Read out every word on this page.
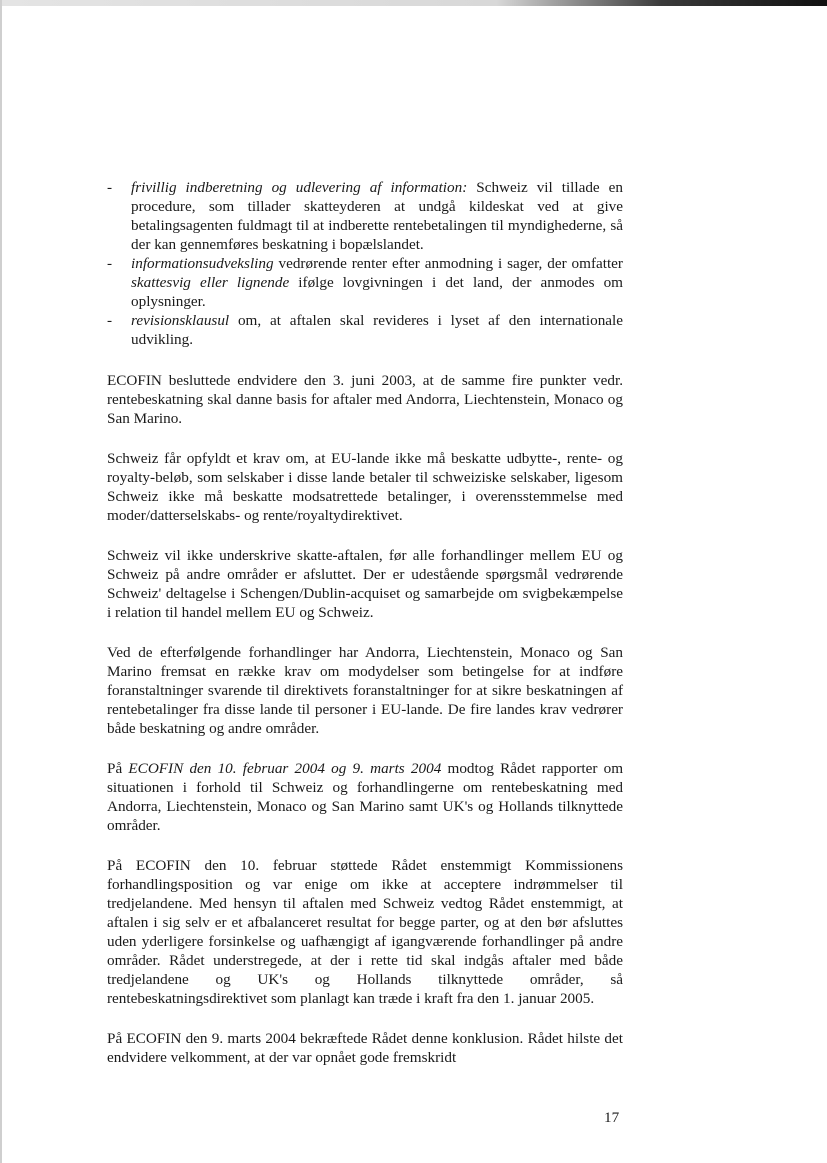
- frivillig indberetning og udlevering af information: Schweiz vil tillade en procedure, som tillader skatteyderen at undgå kildeskat ved at give betalingsagenten fuldmagt til at indberette rentebetalingen til myndighederne, så der kan gennemføres beskatning i bopælslandet.
- informationsudveksling vedrørende renter efter anmodning i sager, der omfatter skattesvig eller lignende ifølge lovgivningen i det land, der anmodes om oplysninger.
- revisionsklausul om, at aftalen skal revideres i lyset af den internationale udvikling.

ECOFIN besluttede endvidere den 3. juni 2003, at de samme fire punkter vedr. rentebeskatning skal danne basis for aftaler med Andorra, Liechtenstein, Monaco og San Marino.

Schweiz får opfyldt et krav om, at EU-lande ikke må beskatte udbytte-, rente- og royalty-beløb, som selskaber i disse lande betaler til schweiziske selskaber, ligesom Schweiz ikke må beskatte modsatrettede betalinger, i overensstemmelse med moder/datterselskabs- og rente/royaltydirektivet.

Schweiz vil ikke underskrive skatte-aftalen, før alle forhandlinger mellem EU og Schweiz på andre områder er afsluttet. Der er udestående spørgsmål vedrørende Schweiz' deltagelse i Schengen/Dublin-acquiset og samarbejde om svigbekæmpelse i relation til handel mellem EU og Schweiz.

Ved de efterfølgende forhandlinger har Andorra, Liechtenstein, Monaco og San Marino fremsat en række krav om modydelser som betingelse for at indføre foranstaltninger svarende til direktivets foranstaltninger for at sikre beskatningen af rentebetalinger fra disse lande til personer i EU-lande. De fire landes krav vedrører både beskatning og andre områder.

På ECOFIN den 10. februar 2004 og 9. marts 2004 modtog Rådet rapporter om situationen i forhold til Schweiz og forhandlingerne om rentebeskatning med Andorra, Liechtenstein, Monaco og San Marino samt UK's og Hollands tilknyttede områder.

På ECOFIN den 10. februar støttede Rådet enstemmigt Kommissionens forhandlingsposition og var enige om ikke at acceptere indrømmelser til tredjelandene. Med hensyn til aftalen med Schweiz vedtog Rådet enstemmigt, at aftalen i sig selv er et afbalanceret resultat for begge parter, og at den bør afsluttes uden yderligere forsinkelse og uafhængigt af igangværende forhandlinger på andre områder. Rådet understregede, at der i rette tid skal indgås aftaler med både tredjelandene og UK's og Hollands tilknyttede områder, så rentebeskatningsdirektivet som planlagt kan træde i kraft fra den 1. januar 2005.

På ECOFIN den 9. marts 2004 bekræftede Rådet denne konklusion. Rådet hilste det endvidere velkomment, at der var opnået gode fremskridt

17
